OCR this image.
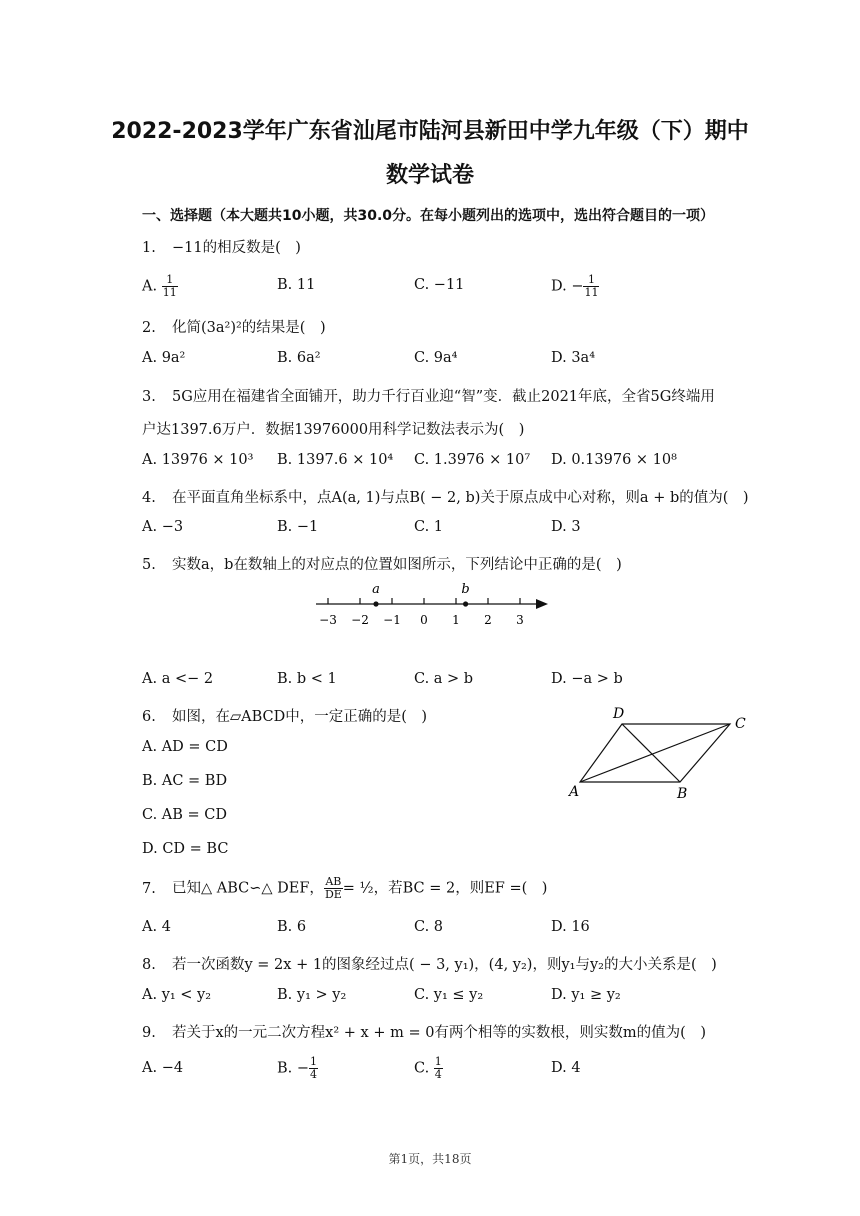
2022-2023学年广东省汕尾市陆河县新田中学九年级（下）期中
数学试卷
一、选择题（本大题共10小题，共30.0分。在每小题列出的选项中，选出符合题目的一项）
1. −11的相反数是(　)
A. $\frac{1}{11}$	B. 11	C. −11	D. − $\frac{1}{11}$
2. 化简(3a²)²的结果是(　)
A. 9a²	B. 6a²	C. 9a⁴	D. 3a⁴
3. 5G应用在福建省全面铺开，助力千行百业迎“智”变．截止2021年底，全省5G终端用
户达1397.6万户．数据13976000用科学记数法表示为(　)
A. 13976 × 10³ B. 1397.6 × 10⁴ C. 1.3976 × 10⁷ D. 0.13976 × 10⁸
4. 在平面直角坐标系中，点A(a, 1)与点B( − 2, b)关于原点成中心对称，则a + b的值为(　)
A. −3	B. −1	C. 1	D. 3
5. 实数a，b在数轴上的对应点的位置如图所示，下列结论中正确的是(　)
−3 −2 −1 0 1 2 3
a	b
A. a <− 2	B. b < 1	C. a > b	D. −a > b
6. 如图，在▱ABCD中，一定正确的是(　)
A. AD = CD
B. AC = BD
C. AB = CD
D. CD = BC
A	B
C
D
7. 已知△ ABC∽△ DEF， $\frac{AB}{DE}$ = ½，若BC = 2，则EF =(　)
A. 4	B. 6	C. 8	D. 16
8. 若一次函数y = 2x + 1的图象经过点( − 3, y₁)，(4, y₂)，则y₁与y₂的大小关系是(　)
A. y₁ < y₂	B. y₁ > y₂	C. y₁ ≤ y₂	D. y₁ ≥ y₂
9. 若关于x的一元二次方程x² + x + m = 0有两个相等的实数根，则实数m的值为(　)
A. −4	B. − $\frac{1}{4}$	C. $\frac{1}{4}$	D. 4
第1页，共18页
